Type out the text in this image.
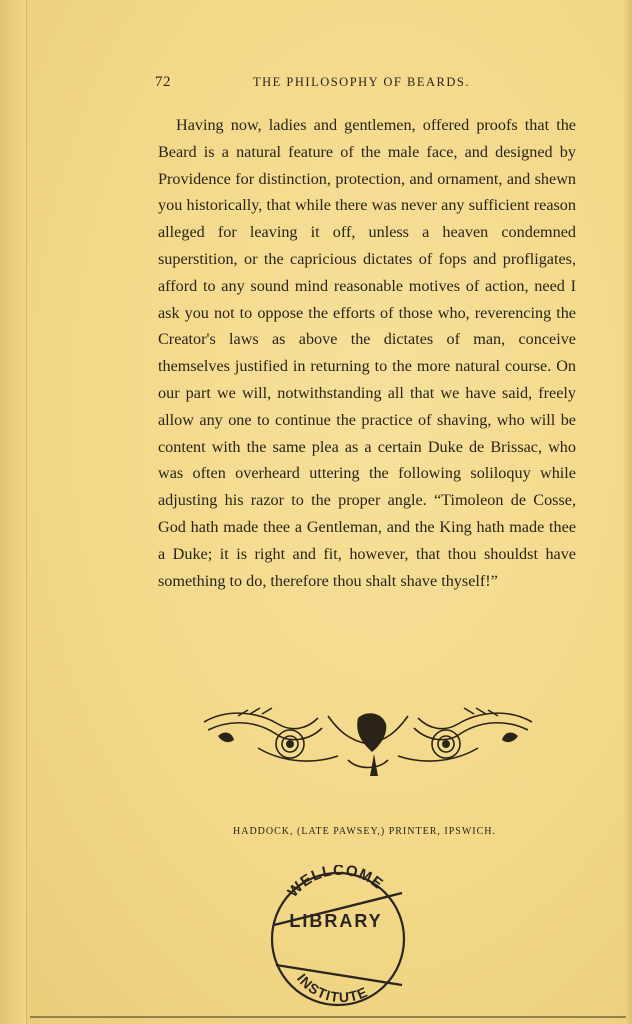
72	THE PHILOSOPHY OF BEARDS.

Having now, ladies and gentlemen, offered proofs that the Beard is a natural feature of the male face, and designed by Providence for distinction, protection, and ornament, and shewn you historically, that while there was never any sufficient reason alleged for leaving it off, unless a heaven condemned superstition, or the capricious dictates of fops and profligates, afford to any sound mind reasonable motives of action, need I ask you not to oppose the efforts of those who, reverencing the Creator's laws as above the dictates of man, conceive themselves justified in returning to the more natural course. On our part we will, notwithstanding all that we have said, freely allow any one to continue the practice of shaving, who will be content with the same plea as a certain Duke de Brissac, who was often overheard uttering the following soliloquy while adjusting his razor to the proper angle. “Timoleon de Cosse, God hath made thee a Gentleman, and the King hath made thee a Duke; it is right and fit, however, that thou shouldst have something to do, therefore thou shalt shave thyself!”

HADDOCK, (LATE PAWSEY,) PRINTER, IPSWICH.
WELLCOME
INSTITUTE
LIBRARY
